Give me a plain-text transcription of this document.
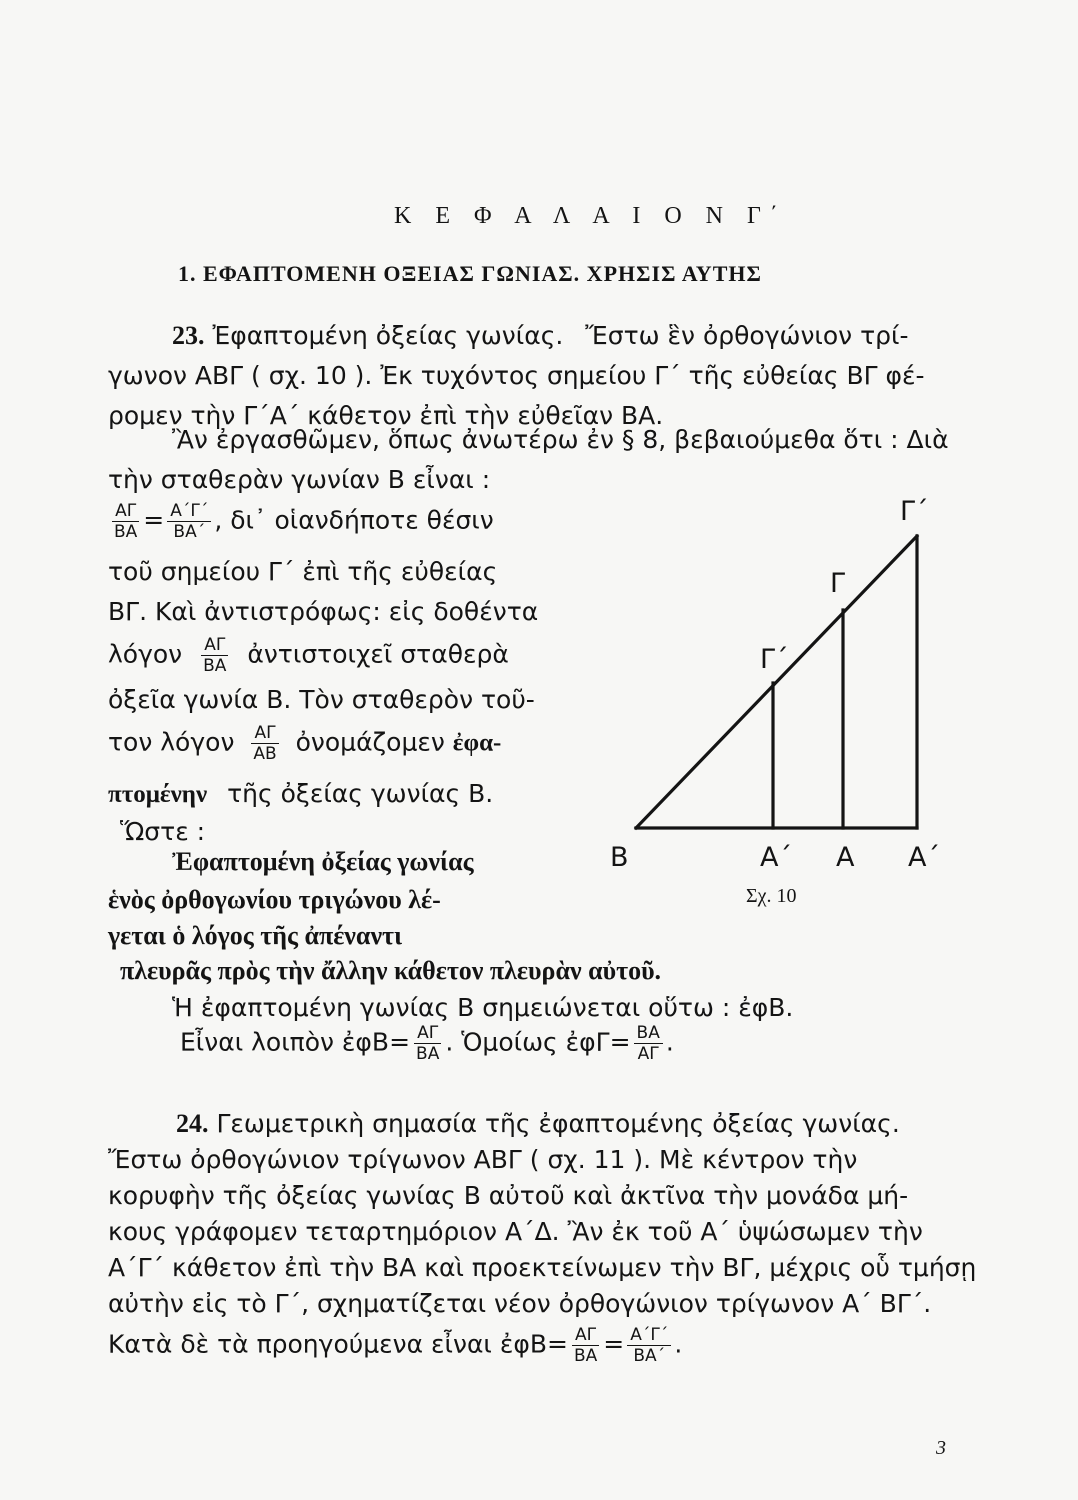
Κ Ε Φ Α Λ Α Ι Ο Ν Γ΄
1. ΕΦΑΠΤΟΜΕΝΗ ΟΞΕΙΑΣ ΓΩΝΙΑΣ. ΧΡΗΣΙΣ ΑΥΤΗΣ
23. Ἐφαπτομένη ὀξείας γωνίας. Ἔστω ἓν ὀρθογώνιον τρί-
γωνον ΑΒΓ ( σχ. 10 ). Ἐκ τυχόντος σημείου Γ΄ τῆς εὐθείας ΒΓ φέ-
ρομεν τὴν Γ΄Α΄ κάθετον ἐπὶ τὴν εὐθεῖαν ΒΑ.
Ἂν ἐργασθῶμεν, ὅπως ἀνωτέρω ἐν § 8, βεβαιούμεθα ὅτι : Διὰ
τὴν σταθερὰν γωνίαν Β εἶναι :
$\frac{A\Gamma}{BA} = \frac{A΄\Gamma΄}{BA΄}$ , δι᾿ οἱανδήποτε θέσιν
τοῦ σημείου Γ΄ ἐπὶ τῆς εὐθείας
ΒΓ. Καὶ ἀντιστρόφως: εἰς δοθέντα
λόγον $\frac{A\Gamma}{BA}$ ἀντιστοιχεῖ σταθερὰ
ὀξεῖα γωνία Β. Τὸν σταθερὸν τοῦ-
τον λόγον $\frac{A\Gamma}{AB}$ ὀνομάζομεν ἐφα-
πτομένην τῆς ὀξείας γωνίας Β.
Ὥστε :
Ἐφαπτομένη ὀξείας γωνίας
ἑνὸς ὀρθογωνίου τριγώνου λέ-
γεται ὁ λόγος τῆς ἀπέναντι
πλευρᾶς πρὸς τὴν ἄλλην κάθετον πλευρὰν αὐτοῦ.
Ἡ ἐφαπτομένη γωνίας Β σημειώνεται οὕτω : ἐφΒ.
Εἶναι λοιπὸν ἐφΒ= $\frac{A\Gamma}{BA}$ . Ὁμοίως ἐφΓ= $\frac{BA}{A\Gamma}$ .
Β	Α΄ Α Α΄
Γ΄
Γ
Γ΄
Σχ. 10
24. Γεωμετρικὴ σημασία τῆς ἐφαπτομένης ὀξείας γωνίας.
Ἔστω ὀρθογώνιον τρίγωνον ΑΒΓ ( σχ. 11 ). Μὲ κέντρον τὴν
κορυφὴν τῆς ὀξείας γωνίας Β αὐτοῦ καὶ ἀκτῖνα τὴν μονάδα μή-
κους γράφομεν τεταρτημόριον Α΄Δ. Ἂν ἐκ τοῦ Α΄ ὑψώσωμεν τὴν
Α΄Γ΄ κάθετον ἐπὶ τὴν ΒΑ καὶ προεκτείνωμεν τὴν ΒΓ, μέχρις οὗ τμήσῃ
αὐτὴν εἰς τὸ Γ΄, σχηματίζεται νέον ὀρθογώνιον τρίγωνον Α΄ ΒΓ΄.
Κατὰ δὲ τὰ προηγούμενα εἶναι ἐφΒ= $\frac{A\Gamma}{BA} = \frac{A΄\Gamma΄}{BA΄}$ .
3
